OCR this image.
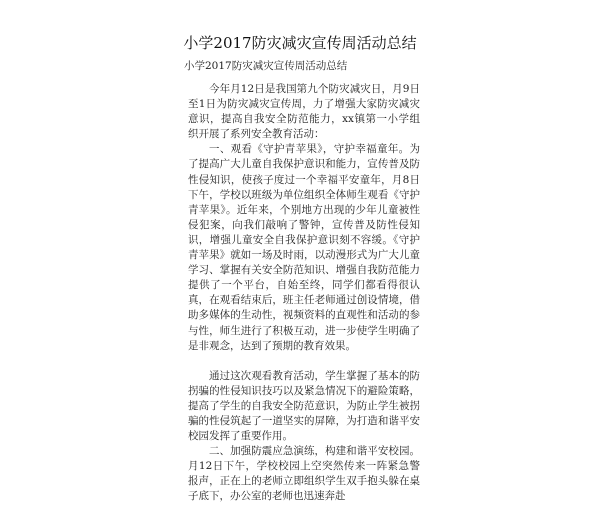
小学2017防灾减灾宣传周活动总结

小学2017防灾减灾宣传周活动总结

今年月12日是我国第九个防灾减灾日，月9日至1日为防灾减灾宣传周，力了增强大家防灾减灾意识，提高自我安全防范能力，xx镇第一小学组织开展了系列安全教育活动：

一、观看《守护青苹果》，守护幸福童年。为了提高广大儿童自我保护意识和能力，宣传普及防性侵知识，使孩子度过一个幸福平安童年，月8日下午，学校以班级为单位组织全体师生观看《守护青苹果》。近年来，个别地方出现的少年儿童被性侵犯案，向我们敲响了警钟，宣传普及防性侵知识，增强儿童安全自我保护意识刻不容缓。《守护青苹果》就如一场及时雨，以动漫形式为广大儿童学习、掌握有关安全防范知识、增强自我防范能力提供了一个平台，自始至终，同学们都看得很认真，在观看结束后，班主任老师通过创设情境，借助多媒体的生动性，视频资料的直观性和活动的参与性，师生进行了积极互动，进一步使学生明确了是非观念，达到了预期的教育效果。

通过这次观看教育活动，学生掌握了基本的防拐骗的性侵知识技巧以及紧急情况下的避险策略，提高了学生的自我安全防范意识，为防止学生被拐骗的性侵筑起了一道坚实的屏障，为打造和谐平安校园发挥了重要作用。

二、加强防震应急演练，构建和谐平安校园。月12日下午，学校校园上空突然传来一阵紧急警报声，正在上的老师立即组织学生双手抱头躲在桌子底下，办公室的老师也迅速奔赴
